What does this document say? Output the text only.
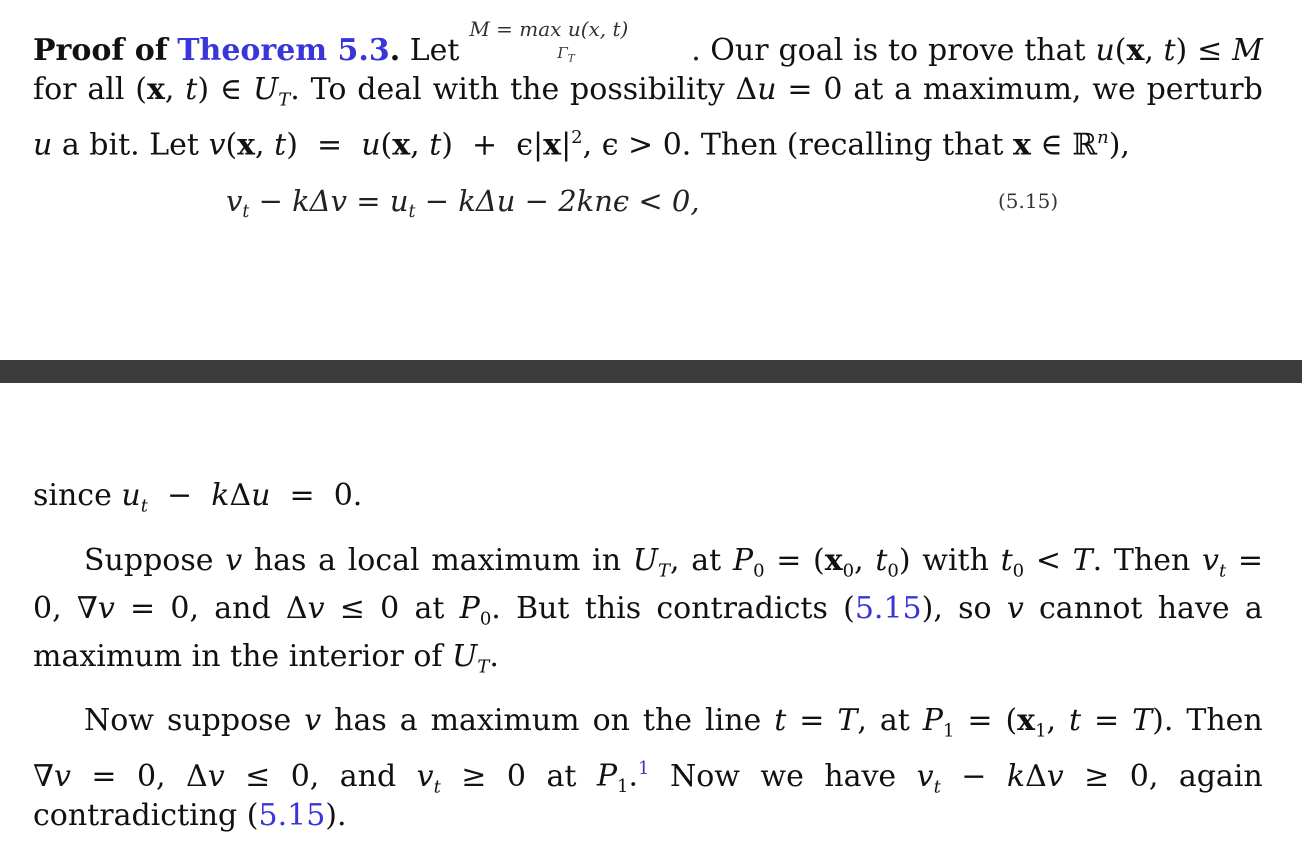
Proof of Theorem 5.3. Let
M = max u(x, t)
$\Gamma_T$	. Our goal is to prove that u(x, t) ≤ M
for all (x, t) ∈ $U_T$. To deal with the possibility Δu = 0 at a maximum, we perturb
u a bit. Let v(x, t)  =  u(x, $t) + \epsilon|x|^2$, ϵ > 0. Then (recalling that x ∈ ℝ$^n$),
$v_t - k\Delta v = u_t - k\Delta u - 2kn\epsilon < 0$,	(5.15)
since $u_t - k\Delta u = 0$.
Suppose v has a local maximum in $U_T$, at $P_0 = (x_0$, $t_0$) with $t_0 < T$. Then $v_t$ =
0, ∇v = 0, and Δv ≤ 0 at $P_0$. But this contradicts (5.15), so v cannot have a
maximum in the interior of $U_T$.
Now suppose v has a maximum on the line t = T, at $P_1 = (x_1$, t = T). Then
∇v = 0, Δv ≤ 0, and $v_t \ge 0$ at $P_1.^1$ Now we have $v_t - k\Delta v \ge 0$, again
contradicting (5.15).
